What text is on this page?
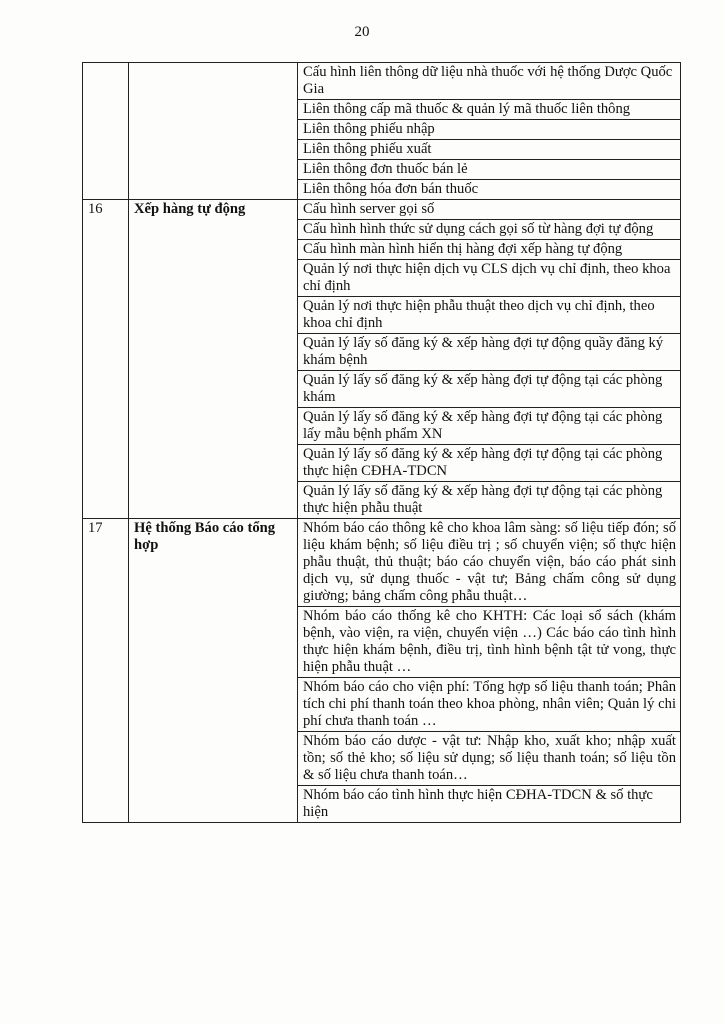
20
		Cấu hình liên thông dữ liệu nhà thuốc với hệ thống Dược Quốc Gia
		Liên thông cấp mã thuốc & quản lý mã thuốc liên thông
		Liên thông phiếu nhập
		Liên thông phiếu xuất
		Liên thông đơn thuốc bán lẻ
		Liên thông hóa đơn bán thuốc
16	Xếp hàng tự động	Cấu hình server gọi số
		Cấu hình hình thức sử dụng cách gọi số từ hàng đợi tự động
		Cấu hình màn hình hiển thị hàng đợi xếp hàng tự động
		Quản lý nơi thực hiện dịch vụ CLS dịch vụ chỉ định, theo khoa chỉ định
		Quản lý nơi thực hiện phẫu thuật theo dịch vụ chỉ định, theo khoa chỉ định
		Quản lý lấy số đăng ký & xếp hàng đợi tự động quầy đăng ký khám bệnh
		Quản lý lấy số đăng ký & xếp hàng đợi tự động tại các phòng khám
		Quản lý lấy số đăng ký & xếp hàng đợi tự động tại các phòng lấy mẫu bệnh phẩm XN
		Quản lý lấy số đăng ký & xếp hàng đợi tự động tại các phòng thực hiện CĐHA-TDCN
		Quản lý lấy số đăng ký & xếp hàng đợi tự động tại các phòng thực hiện phẫu thuật
17	Hệ thống Báo cáo tổng hợp	Nhóm báo cáo thông kê cho khoa lâm sàng: số liệu tiếp đón; số liệu khám bệnh; số liệu điều trị ; số chuyển viện; số thực hiện phẫu thuật, thủ thuật; báo cáo chuyển viện, báo cáo phát sinh dịch vụ, sử dụng thuốc - vật tư; Bảng chấm công sử dụng giường; bảng chấm công phẫu thuật…
		Nhóm báo cáo thống kê cho KHTH: Các loại sổ sách (khám bệnh, vào viện, ra viện, chuyển viện …) Các báo cáo tình hình thực hiện khám bệnh, điều trị, tình hình bệnh tật tử vong, thực hiện phẫu thuật …
		Nhóm báo cáo cho viện phí: Tổng hợp số liệu thanh toán; Phân tích chi phí thanh toán theo khoa phòng, nhân viên; Quản lý chi phí chưa thanh toán …
		Nhóm báo cáo dược - vật tư: Nhập kho, xuất kho; nhập xuất tồn; số thẻ kho; số liệu sử dụng; số liệu thanh toán; số liệu tồn & số liệu chưa thanh toán…
		Nhóm báo cáo tình hình thực hiện CĐHA-TDCN & số thực hiện
